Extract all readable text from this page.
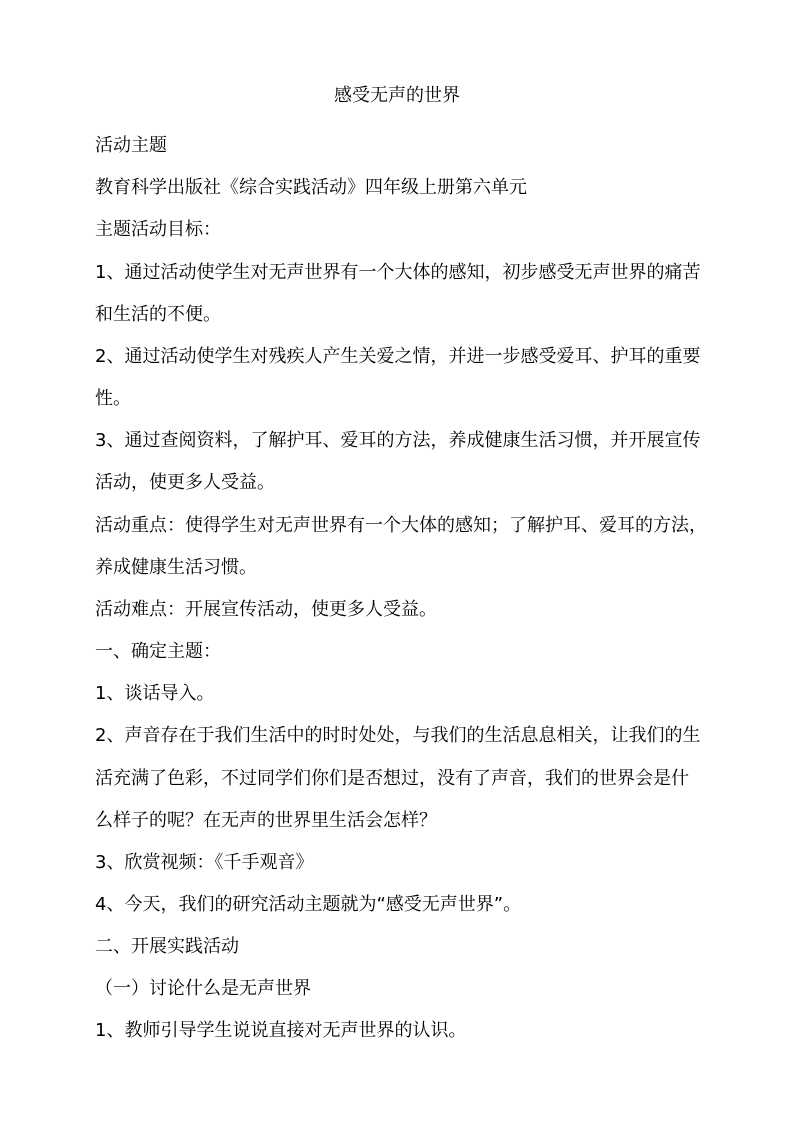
感受无声的世界

活动主题

教育科学出版社《综合实践活动》四年级上册第六单元

主题活动目标：

1、通过活动使学生对无声世界有一个大体的感知，初步感受无声世界的痛苦

和生活的不便。

2、通过活动使学生对残疾人产生关爱之情，并进一步感受爱耳、护耳的重要

性。

3、通过查阅资料，了解护耳、爱耳的方法，养成健康生活习惯，并开展宣传

活动，使更多人受益。

活动重点：使得学生对无声世界有一个大体的感知；了解护耳、爱耳的方法，

养成健康生活习惯。

活动难点：开展宣传活动，使更多人受益。

一、确定主题：

1、谈话导入。

2、声音存在于我们生活中的时时处处，与我们的生活息息相关，让我们的生

活充满了色彩，不过同学们你们是否想过，没有了声音，我们的世界会是什

么样子的呢？在无声的世界里生活会怎样？

3、欣赏视频：《千手观音》

4、今天，我们的研究活动主题就为“感受无声世界”。

二、开展实践活动

（一）讨论什么是无声世界

1、教师引导学生说说直接对无声世界的认识。
